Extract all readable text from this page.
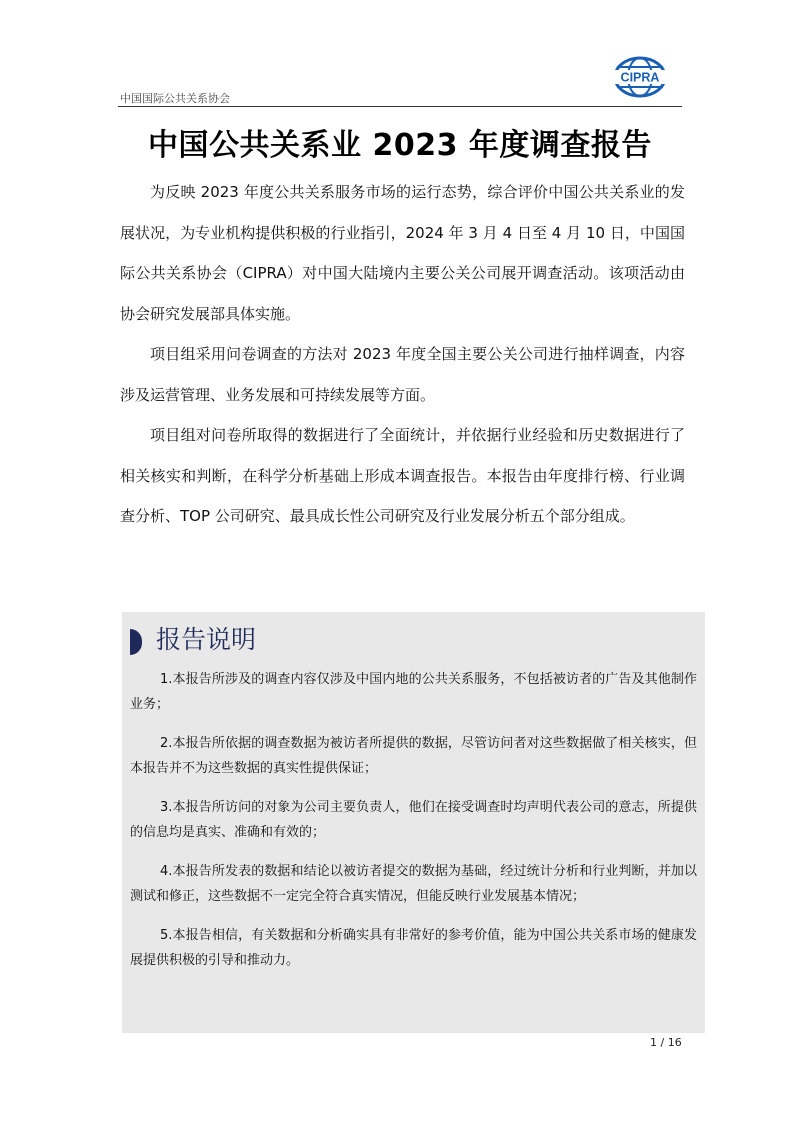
中国国际公共关系协会
CIPRA
中国公共关系业 2023 年度调查报告

为反映 2023 年度公共关系服务市场的运行态势，综合评价中国公共关系业的发展状况，为专业机构提供积极的行业指引，2024 年 3 月 4 日至 4 月 10 日，中国国际公共关系协会（CIPRA）对中国大陆境内主要公关公司展开调查活动。该项活动由协会研究发展部具体实施。

项目组采用问卷调查的方法对 2023 年度全国主要公关公司进行抽样调查，内容涉及运营管理、业务发展和可持续发展等方面。

项目组对问卷所取得的数据进行了全面统计，并依据行业经验和历史数据进行了相关核实和判断，在科学分析基础上形成本调查报告。本报告由年度排行榜、行业调查分析、TOP 公司研究、最具成长性公司研究及行业发展分析五个部分组成。

报告说明

1.本报告所涉及的调查内容仅涉及中国内地的公共关系服务，不包括被访者的广告及其他制作业务；

2.本报告所依据的调查数据为被访者所提供的数据，尽管访问者对这些数据做了相关核实，但本报告并不为这些数据的真实性提供保证；

3.本报告所访问的对象为公司主要负责人，他们在接受调查时均声明代表公司的意志，所提供的信息均是真实、准确和有效的；

4.本报告所发表的数据和结论以被访者提交的数据为基础，经过统计分析和行业判断，并加以测试和修正，这些数据不一定完全符合真实情况，但能反映行业发展基本情况；

5.本报告相信，有关数据和分析确实具有非常好的参考价值，能为中国公共关系市场的健康发展提供积极的引导和推动力。

1 / 16
